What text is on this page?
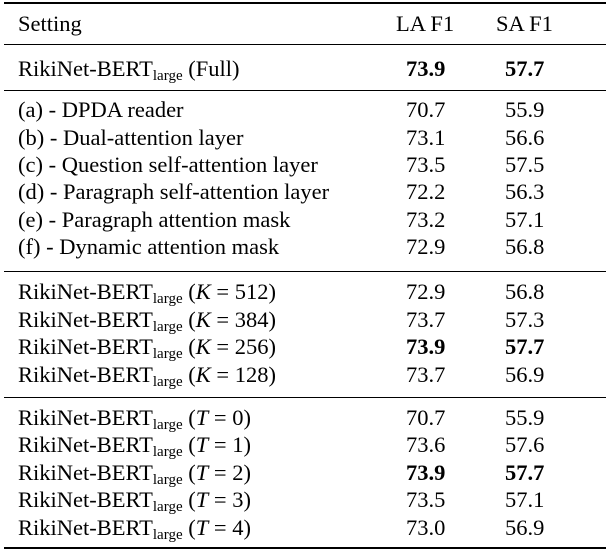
Setting	LA F1	SA F1
RikiNet-$BERT_{large}$ (Full)	73.9	57.7
(a) - DPDA reader	70.7	55.9
(b) - Dual-attention layer	73.1	56.6
(c) - Question self-attention layer	73.5	57.5
(d) - Paragraph self-attention layer	72.2	56.3
(e) - Paragraph attention mask	73.2	57.1
(f) - Dynamic attention mask	72.9	56.8
RikiNet-$BERT_{large}$ (K = 512)	72.9	56.8
RikiNet-$BERT_{large}$ (K = 384)	73.7	57.3
RikiNet-$BERT_{large}$ (K = 256)	73.9	57.7
RikiNet-$BERT_{large}$ (K = 128)	73.7	56.9
RikiNet-$BERT_{large}$ (T = 0)	70.7	55.9
RikiNet-$BERT_{large}$ (T = 1)	73.6	57.6
RikiNet-$BERT_{large}$ (T = 2)	73.9	57.7
RikiNet-$BERT_{large}$ (T = 3)	73.5	57.1
RikiNet-$BERT_{large}$ (T = 4)	73.0	56.9
